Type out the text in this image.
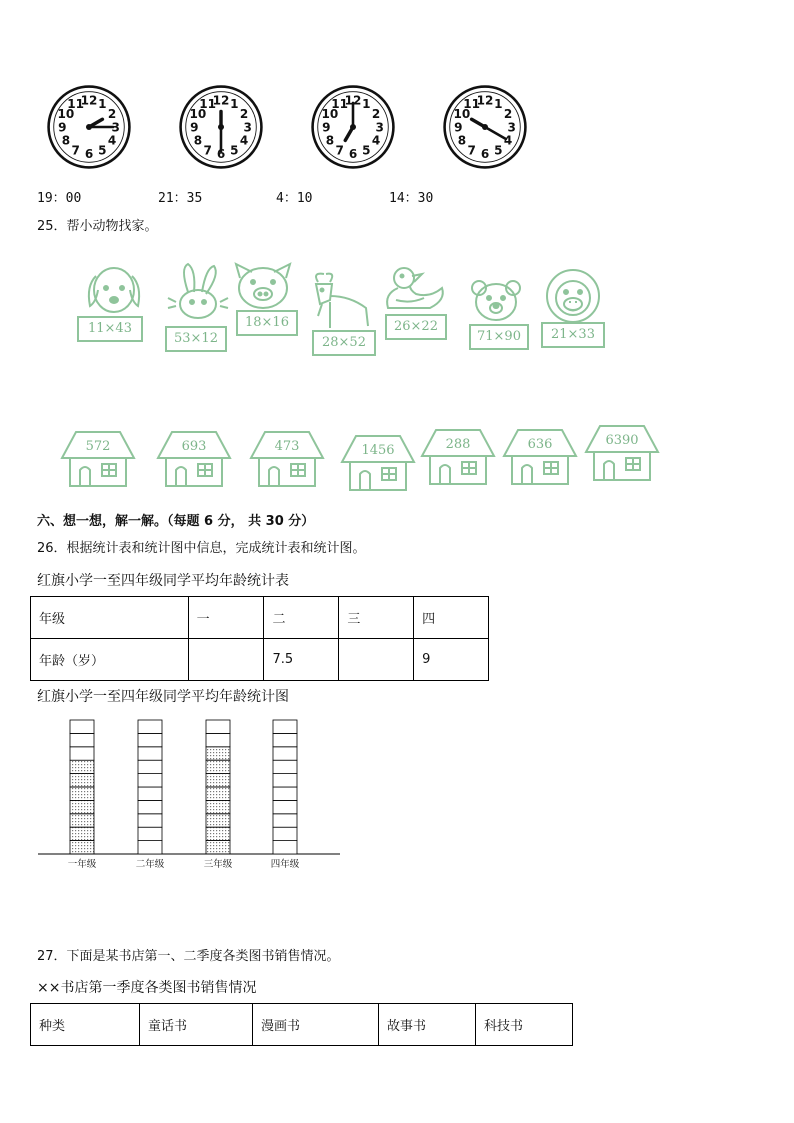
12 1
2
3
4
5
6
7
8
9
10
11	12 1
2
3
4
5
6
7
8
9
10
11	12 1
2
3
4
5
6
7
8
9
10
11	12 1
2
3
4
5
6
7
8
9
10
11
19：00	21：35	4：10	14：30
25．帮小动物找家。
11×43
53×12
18×16
28×52
26×22
71×90	21×33
572	693	473	1456	288	636	6390
六、想一想，解一解。（每题 6 分， 共 30 分）
26．根据统计表和统计图中信息，完成统计表和统计图。
红旗小学一至四年级同学平均年龄统计表
年级	一	二	三	四
年龄（岁）		7.5		9
红旗小学一至四年级同学平均年龄统计图
一年级	二年级	三年级	四年级
27．下面是某书店第一、二季度各类图书销售情况。
××书店第一季度各类图书销售情况
种类	童话书	漫画书	故事书	科技书
